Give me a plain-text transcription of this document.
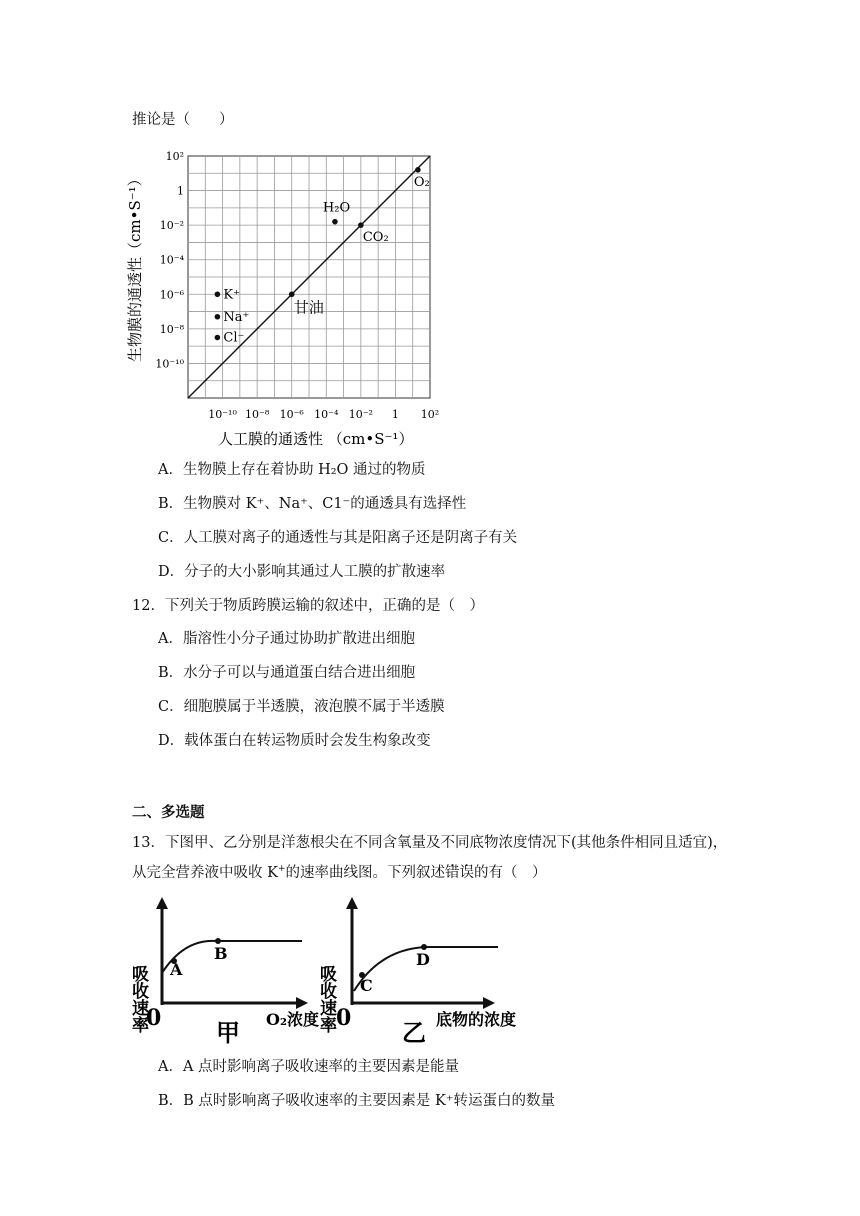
推论是（　　）
10⁻¹⁰ 10⁻⁸ 10⁻⁶ 10⁻⁴ 10⁻² 1 10²
10²
1
10⁻²
10⁻⁴
10⁻⁶
10⁻⁸
10⁻¹⁰
O₂
H₂O
CO₂
甘油
K⁺
Na⁺
Cl⁻
人工膜的通透性 （cm•S⁻¹）
生物膜的通透性（cm•S⁻¹）
A．生物膜上存在着协助 H₂O 通过的物质
B．生物膜对 K⁺、Na⁺、C1⁻的通透具有选择性
C．人工膜对离子的通透性与其是阳离子还是阴离子有关
D．分子的大小影响其通过人工膜的扩散速率
12．下列关于物质跨膜运输的叙述中，正确的是（　）
A．脂溶性小分子通过协助扩散进出细胞
B．水分子可以与通道蛋白结合进出细胞
C．细胞膜属于半透膜，液泡膜不属于半透膜
D．载体蛋白在转运物质时会发生构象改变
二、多选题
13．下图甲、乙分别是洋葱根尖在不同含氧量及不同底物浓度情况下(其他条件相同且适宜)，
从完全营养液中吸收 K+的速率曲线图。下列叙述错误的有（　）
吸收速率 A
B
0 甲 O₂浓度
吸收速率 C
D
0 乙 底物的浓度
A．A 点时影响离子吸收速率的主要因素是能量
B．B 点时影响离子吸收速率的主要因素是 K⁺转运蛋白的数量
